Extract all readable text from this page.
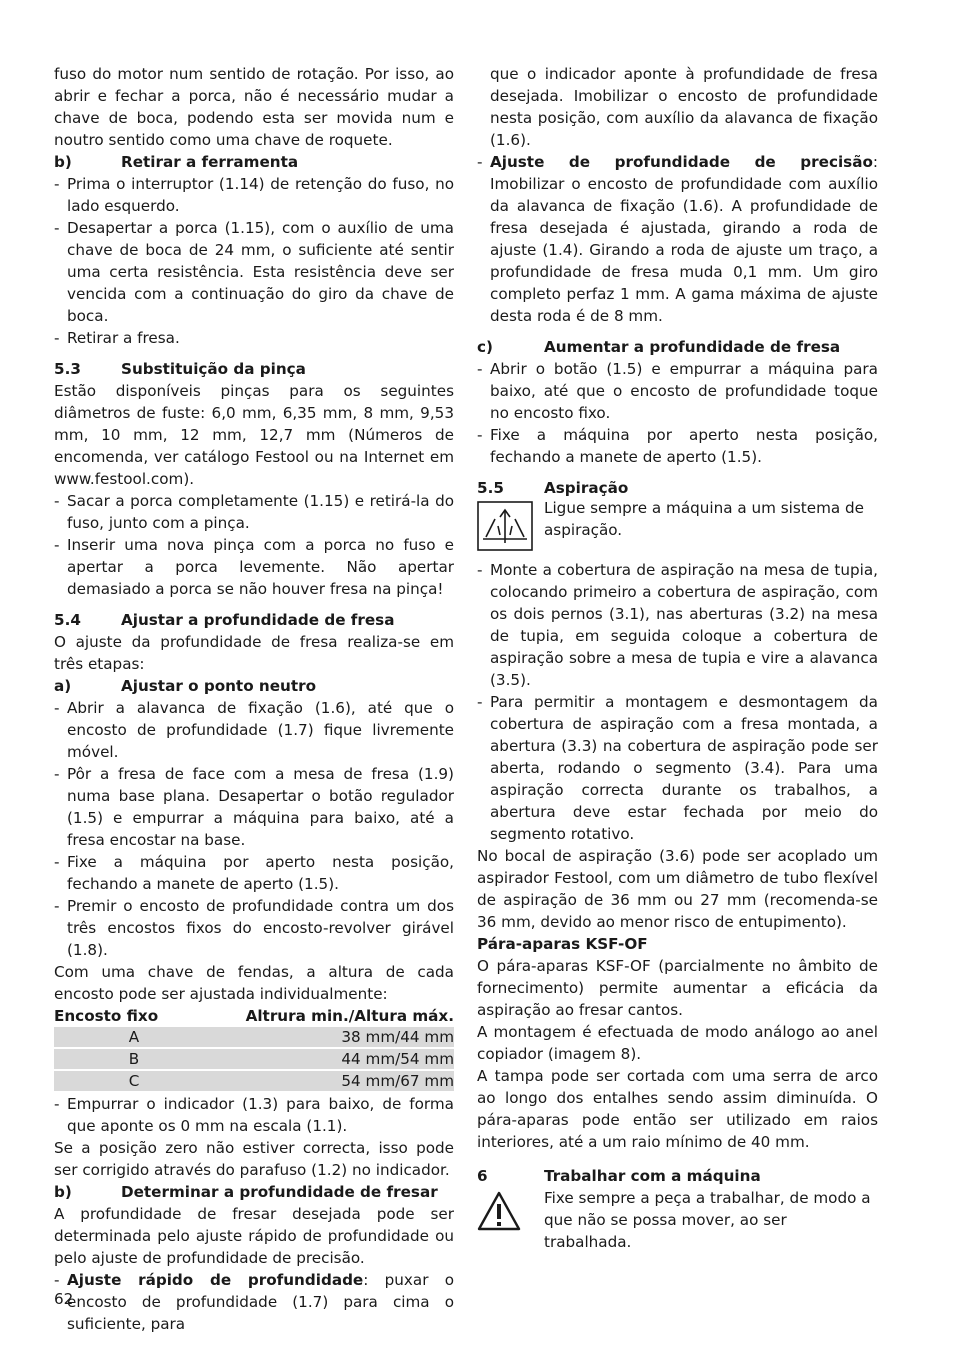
fuso do motor num sentido de rotação. Por isso, ao abrir e fechar a porca, não é necessário mudar a chave de boca, podendo esta ser movida num e noutro sentido como uma chave de roquete.

b)	Retirar a ferramenta
- Prima o interruptor (1.14) de retenção do fuso, no lado esquerdo.
- Desapertar a porca (1.15), com o auxílio de uma chave de boca de 24 mm, o suficiente até sentir uma certa resistência. Esta resistência deve ser vencida com a continuação do giro da chave de boca.
- Retirar a fresa.
5.3	Substituição da pinça

Estão disponíveis pinças para os seguintes diâmetros de fuste: 6,0 mm, 6,35 mm, 8 mm, 9,53 mm, 10 mm, 12 mm, 12,7 mm (Números de encomenda, ver catálogo Festool ou na Internet em www.festool.com).

- Sacar a porca completamente (1.15) e retirá-la do fuso, junto com a pinça.
- Inserir uma nova pinça com a porca no fuso e apertar a porca levemente. Não apertar demasiado a porca se não houver fresa na pinça!
5.4	Ajustar a profundidade de fresa

O ajuste da profundidade de fresa realiza-se em três etapas:

a)	Ajustar o ponto neutro
- Abrir a alavanca de fixação (1.6), até que o encosto de profundidade (1.7) fique livremente móvel.
- Pôr a fresa de face com a mesa de fresa (1.9) numa base plana. Desapertar o botão regulador (1.5) e empurrar a máquina para baixo, até a fresa encostar na base.
- Fixe a máquina por aperto nesta posição, fechando a manete de aperto (1.5).
- Premir o encosto de profundidade contra um dos três encostos fixos do encosto-revolver girável (1.8).

Com uma chave de fendas, a altura de cada encosto pode ser ajustada individualmente:

Encosto fixo	Altrura min./Altura máx.
A	38 mm/44 mm
B	44 mm/54 mm
C	54 mm/67 mm
- Empurrar o indicador (1.3) para baixo, de forma que aponte os 0 mm na escala (1.1).

Se a posição zero não estiver correcta, isso pode ser corrigido através do parafuso (1.2) no indicador.

b)	Determinar a profundidade de fresar

A profundidade de fresar desejada pode ser determinada pelo ajuste rápido de profundidade ou pelo ajuste de profundidade de precisão.

- Ajuste rápido de profundidade: puxar o encosto de profundidade (1.7) para cima o suficiente, para

que o indicador aponte à profundidade de fresa desejada. Imobilizar o encosto de profundidade nesta posição, com auxílio da alavanca de fixação (1.6).

- Ajuste de profundidade de precisão: Imobilizar o encosto de profundidade com auxílio da alavanca de fixação (1.6). A profundidade de fresa desejada é ajustada, girando a roda de ajuste (1.4). Girando a roda de ajuste um traço, a profundidade de fresa muda 0,1 mm. Um giro completo perfaz 1 mm. A gama máxima de ajuste desta roda é de 8 mm.
c)	Aumentar a profundidade de fresa
- Abrir o botão (1.5) e empurrar a máquina para baixo, até que o encosto de profundidade toque no encosto fixo.
- Fixe a máquina por aperto nesta posição, fechando a manete de aperto (1.5).
5.5	Aspiração

Ligue sempre a máquina a um sistema de aspiração.

- Monte a cobertura de aspiração na mesa de tupia, colocando primeiro a cobertura de aspiração, com os dois pernos (3.1), nas aberturas (3.2) na mesa de tupia, em seguida coloque a cobertura de aspiração sobre a mesa de tupia e vire a alavanca (3.5).
- Para permitir a montagem e desmontagem da cobertura de aspiração com a fresa montada, a abertura (3.3) na cobertura de aspiração pode ser aberta, rodando o segmento (3.4). Para uma aspiração correcta durante os trabalhos, a abertura deve estar fechada por meio do segmento rotativo.

No bocal de aspiração (3.6) pode ser acoplado um aspirador Festool, com um diâmetro de tubo flexível de aspiração de 36 mm ou 27 mm (recomenda-se 36 mm, devido ao menor risco de entupimento).

Pára-aparas KSF-OF

O pára-aparas KSF-OF (parcialmente no âmbito de fornecimento) permite aumentar a eficácia da aspiração ao fresar cantos.

A montagem é efectuada de modo análogo ao anel copiador (imagem 8).

A tampa pode ser cortada com uma serra de arco ao longo dos entalhes sendo assim diminuída. O pára-aparas pode então ser utilizado em raios interiores, até a um raio mínimo de 40 mm.

6	Trabalhar com a máquina

Fixe sempre a peça a trabalhar, de modo a que não se possa mover, ao ser trabalhada.

62
